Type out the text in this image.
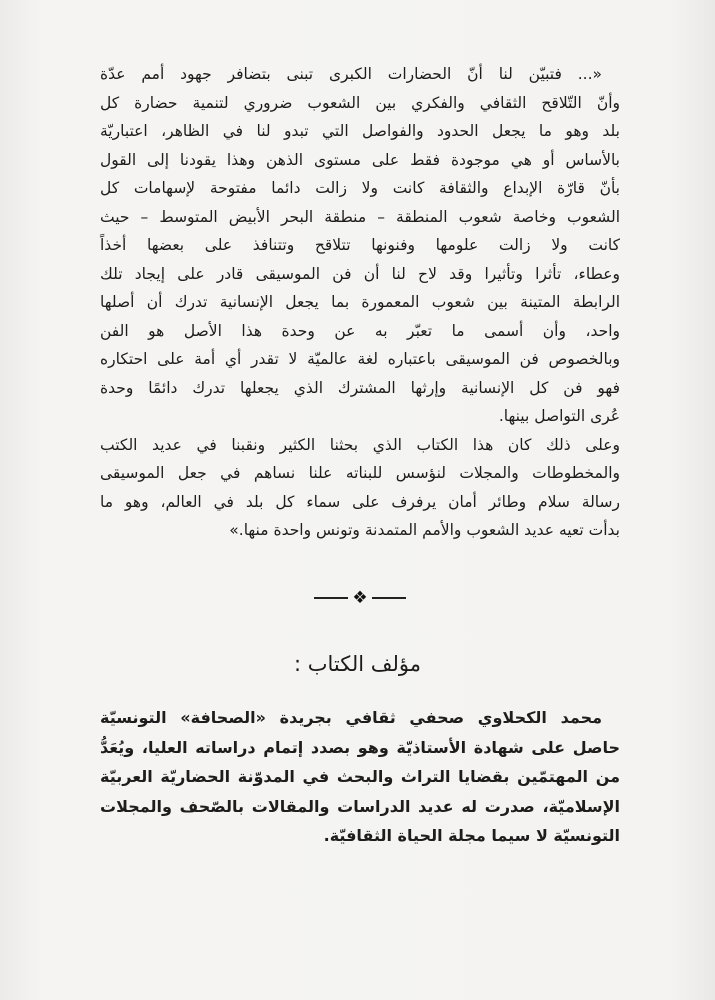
«... فتبيّن لنا أنّ الحضارات الكبرى تبنى بتضافر جهود أمم عدّة
وأنّ التّلاقح الثقافي والفكري بين الشعوب ضروري لتنمية حضارة كل
بلد وهو ما يجعل الحدود والفواصل التي تبدو لنا في الظاهر، اعتباريّة
بالأساس أو هي موجودة فقط على مستوى الذهن وهذا يقودنا إلى القول
بأنّ قارّة الإبداع والثقافة كانت ولا زالت دائما مفتوحة لإسهامات كل
الشعوب وخاصة شعوب المنطقة – منطقة البحر الأبيض المتوسط – حيث
كانت ولا زالت علومها وفنونها تتلاقح وتتنافذ على بعضها أخذاً
وعطاء، تأثرا وتأثيرا وقد لاح لنا أن فن الموسيقى قادر على إيجاد تلك
الرابطة المتينة بين شعوب المعمورة بما يجعل الإنسانية تدرك أن أصلها
واحد، وأن أسمى ما تعبّر به عن وحدة هذا الأصل هو الفن
وبالخصوص فن الموسيقى باعتباره لغة عالميّة لا تقدر أي أمة على احتكاره
فهو فن كل الإنسانية وإرثها المشترك الذي يجعلها تدرك دائمًا وحدة
عُرى التواصل بينها.
وعلى ذلك كان هذا الكتاب الذي بحثنا الكثير ونقبنا في عديد الكتب
والمخطوطات والمجلات لنؤسس للبناته علنا نساهم في جعل الموسيقى
رسالة سلام وطائر أمان يرفرف على سماء كل بلد في العالم، وهو ما
بدأت تعيه عديد الشعوب والأمم المتمدنة وتونس واحدة منها.»
❖
مؤلف الكتاب :
محمد الكحلاوي صحفي ثقافي بجريدة «الصحافة» التونسيّة
حاصل على شهادة الأستاذيّة وهو بصدد إتمام دراساته العليا، ويُعَدُّ
من المهتمّين بقضايا التراث والبحث في المدوّنة الحضاريّة العربيّة
الإسلاميّة، صدرت له عديد الدراسات والمقالات بالصّحف والمجلات
التونسيّة لا سيما مجلة الحياة الثقافيّة.
